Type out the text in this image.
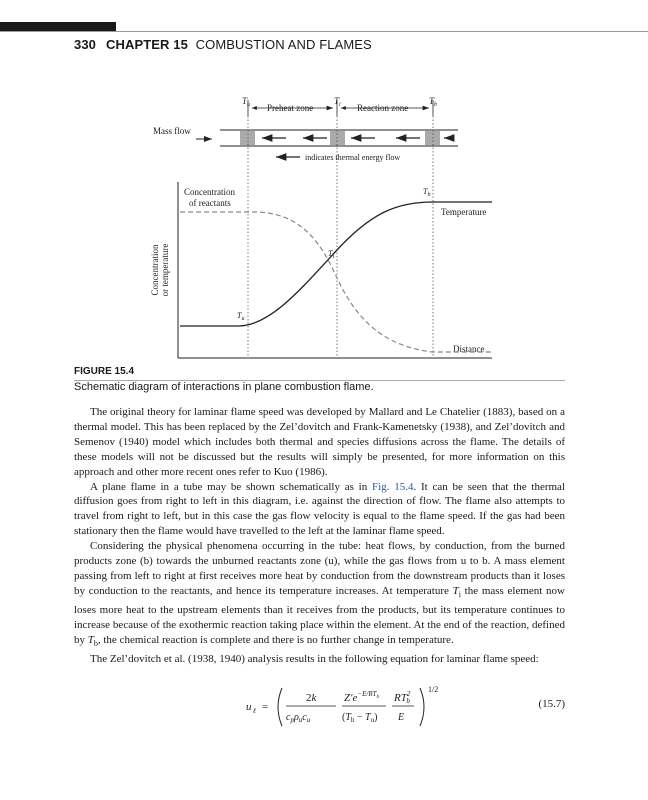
330 CHAPTER 15 COMBUSTION AND FLAMES
$T_u$	$T_i$	$T_b$
Preheat zone	Reaction zone
Mass flow
indicates thermal energy flow
Concentration or temperature
Distance
Concentration
of reactants
Temperature
$T_b$
$T_i$
$T_u$
FIGURE 15.4
Schematic diagram of interactions in plane combustion flame.

The original theory for laminar flame speed was developed by Mallard and Le Chatelier (1883), based on a thermal model. This has been replaced by the Zel’dovitch and Frank-Kamenetsky (1938), and Zel’dovitch and Semenov (1940) model which includes both thermal and species diffusions across the flame. The details of these models will not be discussed but the results will simply be presented, for more information on this approach and other more recent ones refer to Kuo (1986).

A plane flame in a tube may be shown schematically as in Fig. 15.4. It can be seen that the thermal diffusion goes from right to left in this diagram, i.e. against the direction of flow. The flame also attempts to travel from right to left, but in this case the gas flow velocity is equal to the flame speed. If the gas had been stationary then the flame would have travelled to the left at the laminar flame speed.

Considering the physical phenomena occurring in the tube: heat flows, by conduction, from the burned products zone (b) towards the unburned reactants zone (u), while the gas flows from u to b. A mass element passing from left to right at first receives more heat by conduction from the downstream products than it loses by conduction to the reactants, and hence its temperature increases. At temperature $T_i$ the mass element now loses more heat to the upstream elements than it receives from the products, but its temperature continues to increase because of the exothermic reaction taking place within the element. At the end of the reaction, defined by $T_b$, the chemical reaction is complete and there is no further change in temperature.

The Zel’dovitch et al. (1938, 1940) analysis results in the following equation for laminar flame speed:

u ℓ =
2k
$c_p\rho_uc_u$
$Z'e^{-E/RT}b$
$(T_b - T_u)$
$RT^2$ b
E
1/2
(15.7)
